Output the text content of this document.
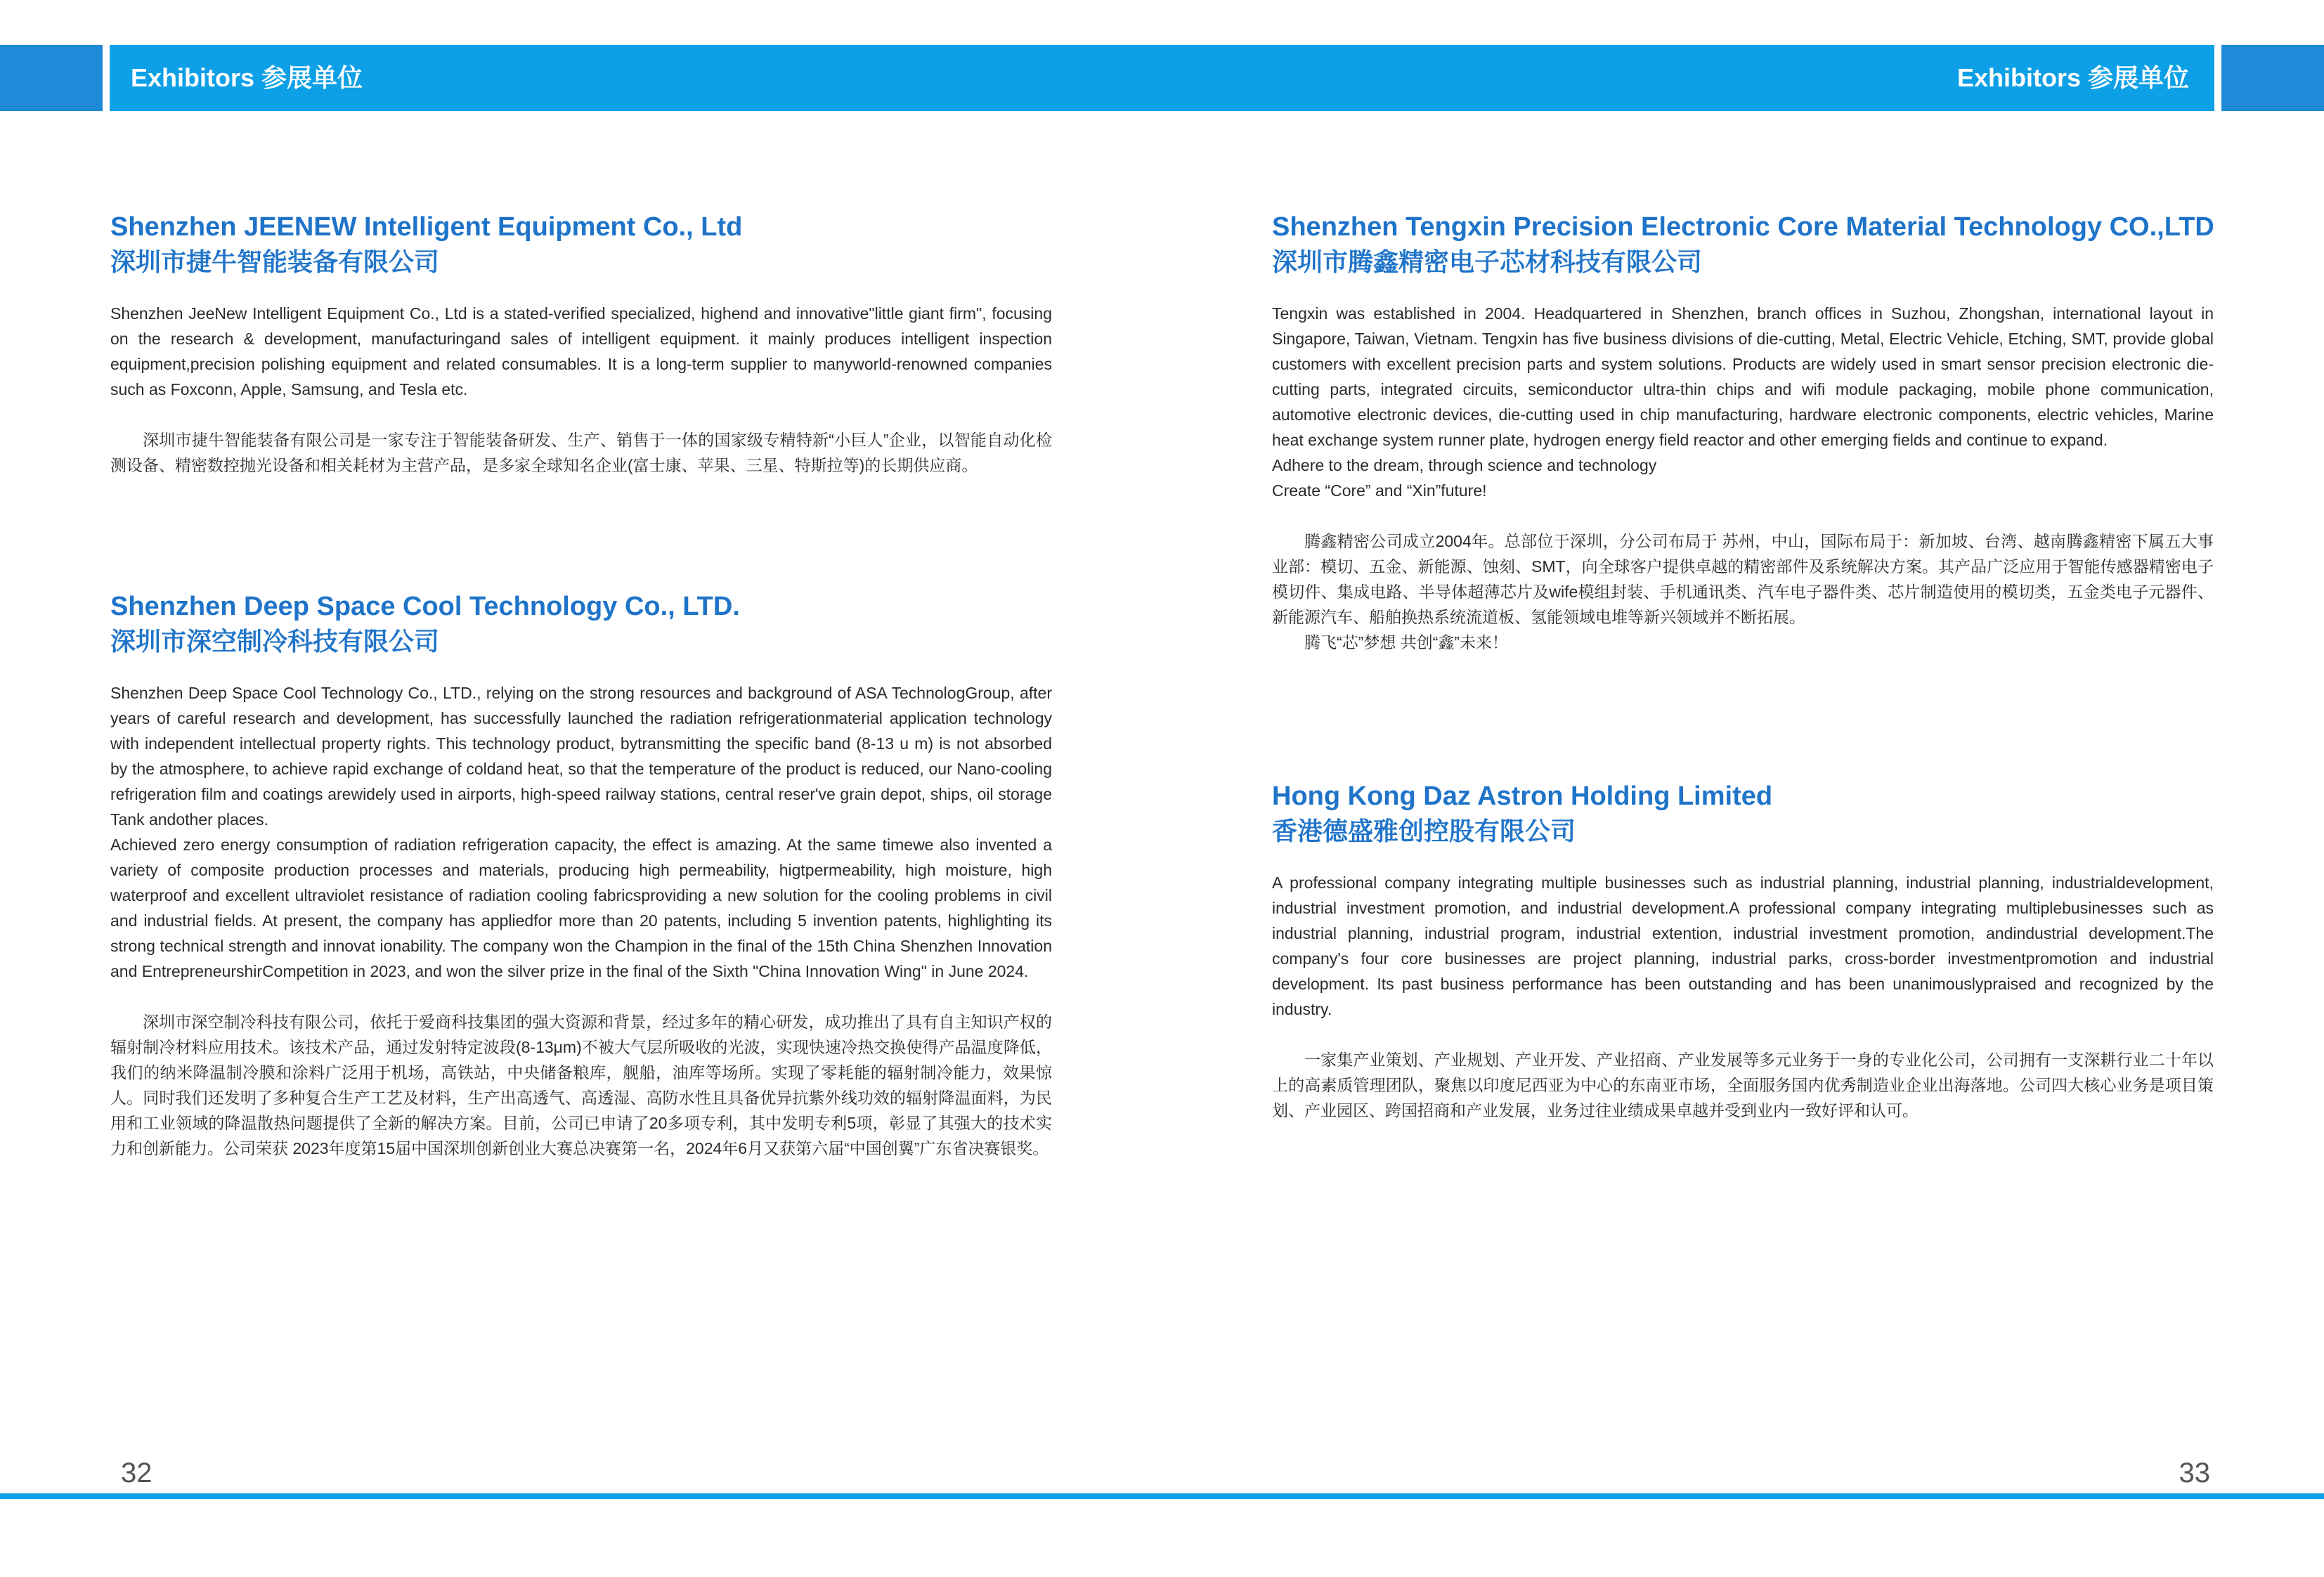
Exhibitors 参展单位	Exhibitors 参展单位
Shenzhen JEENEW Intelligent Equipment Co., Ltd
深圳市捷牛智能装备有限公司

Shenzhen JeeNew Intelligent Equipment Co., Ltd is a stated-verified specialized, highend and innovative"little giant firm", focusing on the research & development, manufacturingand sales of intelligent equipment. it mainly produces intelligent inspection equipment,precision polishing equipment and related consumables. It is a long-term supplier to manyworld-renowned companies such as Foxconn, Apple, Samsung, and Tesla etc.

深圳市捷牛智能装备有限公司是一家专注于智能装备研发、生产、销售于一体的国家级专精特新“小巨人”企业，以智能自动化检测设备、精密数控抛光设备和相关耗材为主营产品，是多家全球知名企业(富士康、苹果、三星、特斯拉等)的长期供应商。

Shenzhen Deep Space Cool Technology Co., LTD.
深圳市深空制冷科技有限公司

Shenzhen Deep Space Cool Technology Co., LTD., relying on the strong resources and background of ASA TechnologGroup, after years of careful research and development, has successfully launched the radiation refrigerationmaterial application technology with independent intellectual property rights. This technology product, bytransmitting the specific band (8-13 u m) is not absorbed by the atmosphere, to achieve rapid exchange of coldand heat, so that the temperature of the product is reduced, our Nano-cooling refrigeration film and coatings arewidely used in airports, high-speed railway stations, central reser've grain depot, ships, oil storage Tank andother places.

Achieved zero energy consumption of radiation refrigeration capacity, the effect is amazing. At the same timewe also invented a variety of composite production processes and materials, producing high permeability, higtpermeability, high moisture, high waterproof and excellent ultraviolet resistance of radiation cooling fabricsproviding a new solution for the cooling problems in civil and industrial fields. At present, the company has appliedfor more than 20 patents, including 5 invention patents, highlighting its strong technical strength and innovat ionability. The company won the Champion in the final of the 15th China Shenzhen Innovation and EntrepreneurshirCompetition in 2023, and won the silver prize in the final of the Sixth "China Innovation Wing" in June 2024.

深圳市深空制冷科技有限公司，依托于爱商科技集团的强大资源和背景，经过多年的精心研发，成功推出了具有自主知识产权的辐射制冷材料应用技术。该技术产品，通过发射特定波段(8-13μm)不被大气层所吸收的光波，实现快速冷热交换使得产品温度降低，我们的纳米降温制冷膜和涂料广泛用于机场，高铁站，中央储备粮库，舰船，油库等场所。实现了零耗能的辐射制冷能力，效果惊人。同时我们还发明了多种复合生产工艺及材料，生产出高透气、高透湿、高防水性且具备优异抗紫外线功效的辐射降温面料，为民用和工业领域的降温散热问题提供了全新的解决方案。目前，公司已申请了20多项专利，其中发明专利5项，彰显了其强大的技术实力和创新能力。公司荣获 2023年度第15届中国深圳创新创业大赛总决赛第一名，2024年6月又获第六届“中国创翼”广东省决赛银奖。

Shenzhen Tengxin Precision Electronic Core Material Technology CO.,LTD
深圳市腾鑫精密电子芯材科技有限公司

Tengxin was established in 2004. Headquartered in Shenzhen, branch offices in Suzhou, Zhongshan, international layout in Singapore, Taiwan, Vietnam. Tengxin has five business divisions of die-cutting, Metal, Electric Vehicle, Etching, SMT, provide global customers with excellent precision parts and system solutions. Products are widely used in smart sensor precision electronic die-cutting parts, integrated circuits, semiconductor ultra-thin chips and wifi module packaging, mobile phone communication, automotive electronic devices, die-cutting used in chip manufacturing, hardware electronic components, electric vehicles, Marine heat exchange system runner plate, hydrogen energy field reactor and other emerging fields and continue to expand.

Adhere to the dream, through science and technology

Create “Core” and “Xin”future!

腾鑫精密公司成立2004年。总部位于深圳，分公司布局于 苏州，中山，国际布局于：新加坡、台湾、越南腾鑫精密下属五大事业部：模切、五金、新能源、蚀刻、SMT，向全球客户提供卓越的精密部件及系统解决方案。其产品广泛应用于智能传感器精密电子模切件、集成电路、半导体超薄芯片及wife模组封装、手机通讯类、汽车电子器件类、芯片制造使用的模切类，五金类电子元器件、新能源汽车、船舶换热系统流道板、氢能领域电堆等新兴领域并不断拓展。

腾飞“芯”梦想 共创“鑫”未来！

Hong Kong Daz Astron Holding Limited
香港德盛雅创控股有限公司

A professional company integrating multiple businesses such as industrial planning, industrial planning, industrialdevelopment, industrial investment promotion, and industrial development.A professional company integrating multiplebusinesses such as industrial planning, industrial program, industrial extention, industrial investment promotion, andindustrial development.The company's four core businesses are project planning, industrial parks, cross-border investmentpromotion and industrial development. Its past business performance has been outstanding and has been unanimouslypraised and recognized by the industry.

一家集产业策划、产业规划、产业开发、产业招商、产业发展等多元业务于一身的专业化公司，公司拥有一支深耕行业二十年以上的高素质管理团队，聚焦以印度尼西亚为中心的东南亚市场，全面服务国内优秀制造业企业出海落地。公司四大核心业务是项目策划、产业园区、跨国招商和产业发展，业务过往业绩成果卓越并受到业内一致好评和认可。

32	33
